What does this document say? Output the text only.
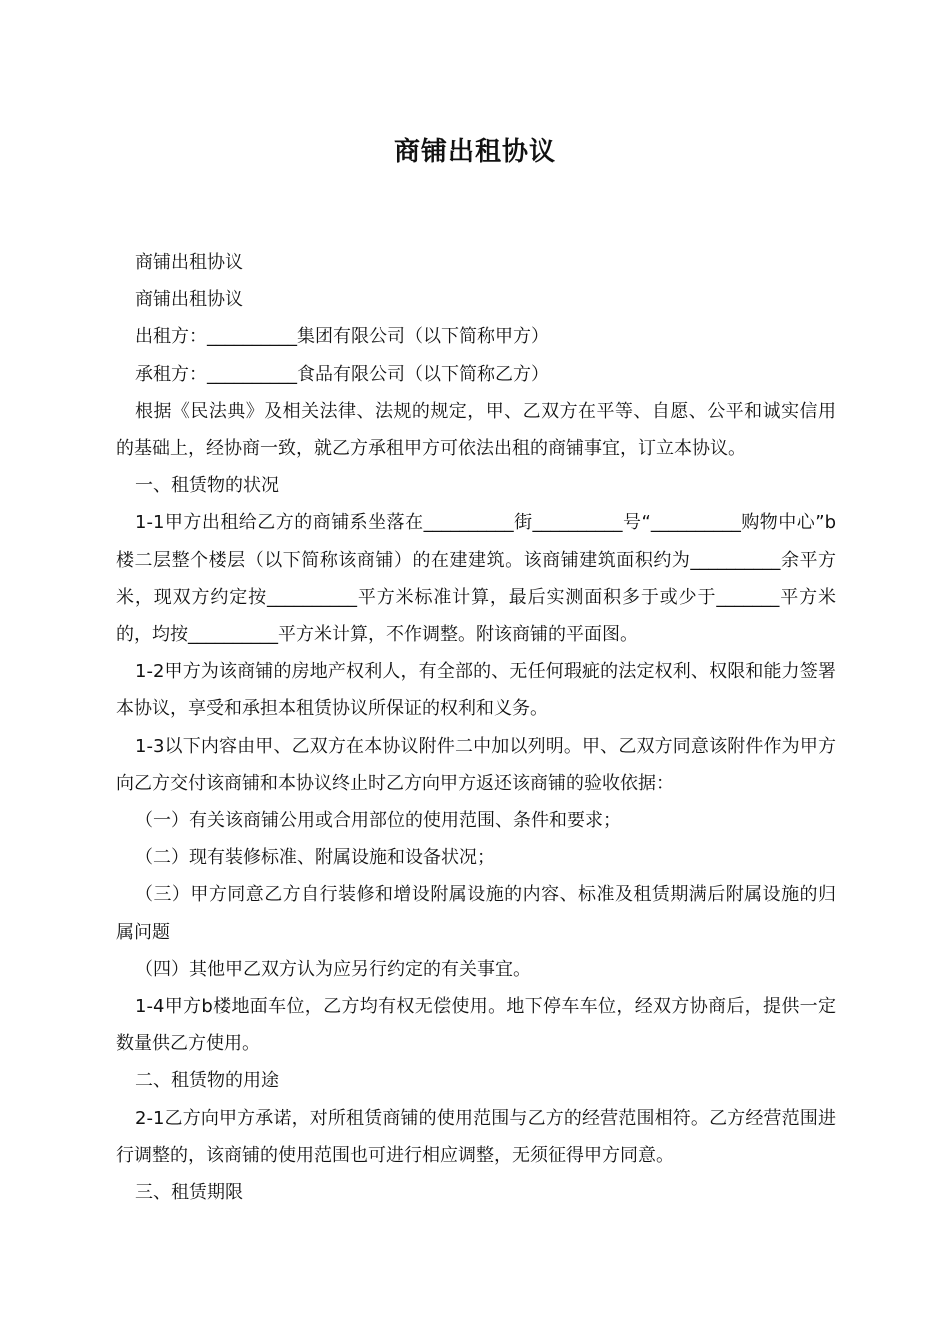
商铺出租协议

商铺出租协议

商铺出租协议

出租方：__________集团有限公司（以下简称甲方）

承租方：__________食品有限公司（以下简称乙方）

根据《民法典》及相关法律、法规的规定，甲、乙双方在平等、自愿、公平和诚实信用的基础上，经协商一致，就乙方承租甲方可依法出租的商铺事宜，订立本协议。

一、租赁物的状况

1-1甲方出租给乙方的商铺系坐落在__________街__________号“__________购物中心”b楼二层整个楼层（以下简称该商铺）的在建建筑。该商铺建筑面积约为__________余平方米，现双方约定按__________平方米标准计算，最后实测面积多于或少于_______平方米的，均按__________平方米计算，不作调整。附该商铺的平面图。

1-2甲方为该商铺的房地产权利人，有全部的、无任何瑕疵的法定权利、权限和能力签署本协议，享受和承担本租赁协议所保证的权利和义务。

1-3以下内容由甲、乙双方在本协议附件二中加以列明。甲、乙双方同意该附件作为甲方向乙方交付该商铺和本协议终止时乙方向甲方返还该商铺的验收依据：

（一）有关该商铺公用或合用部位的使用范围、条件和要求；

（二）现有装修标准、附属设施和设备状况；

（三）甲方同意乙方自行装修和增设附属设施的内容、标准及租赁期满后附属设施的归属问题

（四）其他甲乙双方认为应另行约定的有关事宜。

1-4甲方b楼地面车位，乙方均有权无偿使用。地下停车车位，经双方协商后，提供一定数量供乙方使用。

二、租赁物的用途

2-1乙方向甲方承诺，对所租赁商铺的使用范围与乙方的经营范围相符。乙方经营范围进行调整的，该商铺的使用范围也可进行相应调整，无须征得甲方同意。

三、租赁期限
